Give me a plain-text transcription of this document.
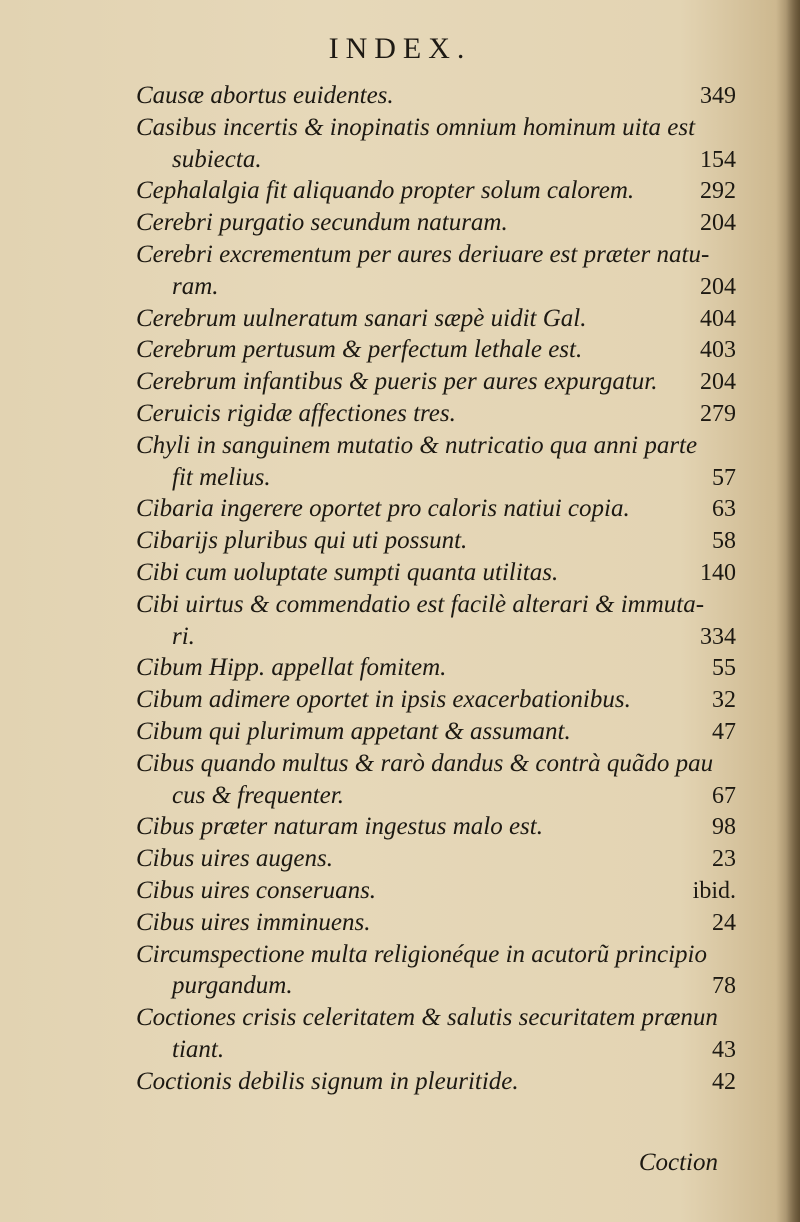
INDEX.
Causæ abortus euidentes.	349
Casibus incertis & inopinatis omnium hominum uita est
subiecta.	154
Cephalalgia fit aliquando propter solum calorem.	292
Cerebri purgatio secundum naturam.	204
Cerebri excrementum per aures deriuare est præter natu-
ram.	204
Cerebrum uulneratum sanari sæpè uidit Gal.	404
Cerebrum pertusum & perfectum lethale est.	403
Cerebrum infantibus & pueris per aures expurgatur.	204
Ceruicis rigidæ affectiones tres.	279
Chyli in sanguinem mutatio & nutricatio qua anni parte
fit melius.	57
Cibaria ingerere oportet pro caloris natiui copia.	63
Cibarijs pluribus qui uti possunt.	58
Cibi cum uoluptate sumpti quanta utilitas.	140
Cibi uirtus & commendatio est facilè alterari & immuta-
ri.	334
Cibum Hipp. appellat fomitem.	55
Cibum adimere oportet in ipsis exacerbationibus.	32
Cibum qui plurimum appetant & assumant.	47
Cibus quando multus & rarò dandus & contrà quãdo pau
cus & frequenter.	67
Cibus præter naturam ingestus malo est.	98
Cibus uires augens.	23
Cibus uires conseruans.	ibid.
Cibus uires imminuens.	24
Circumspectione multa religionéque in acutorũ principio
purgandum.	78
Coctiones crisis celeritatem & salutis securitatem prænun
tiant.	43
Coctionis debilis signum in pleuritide.	42
Coction
